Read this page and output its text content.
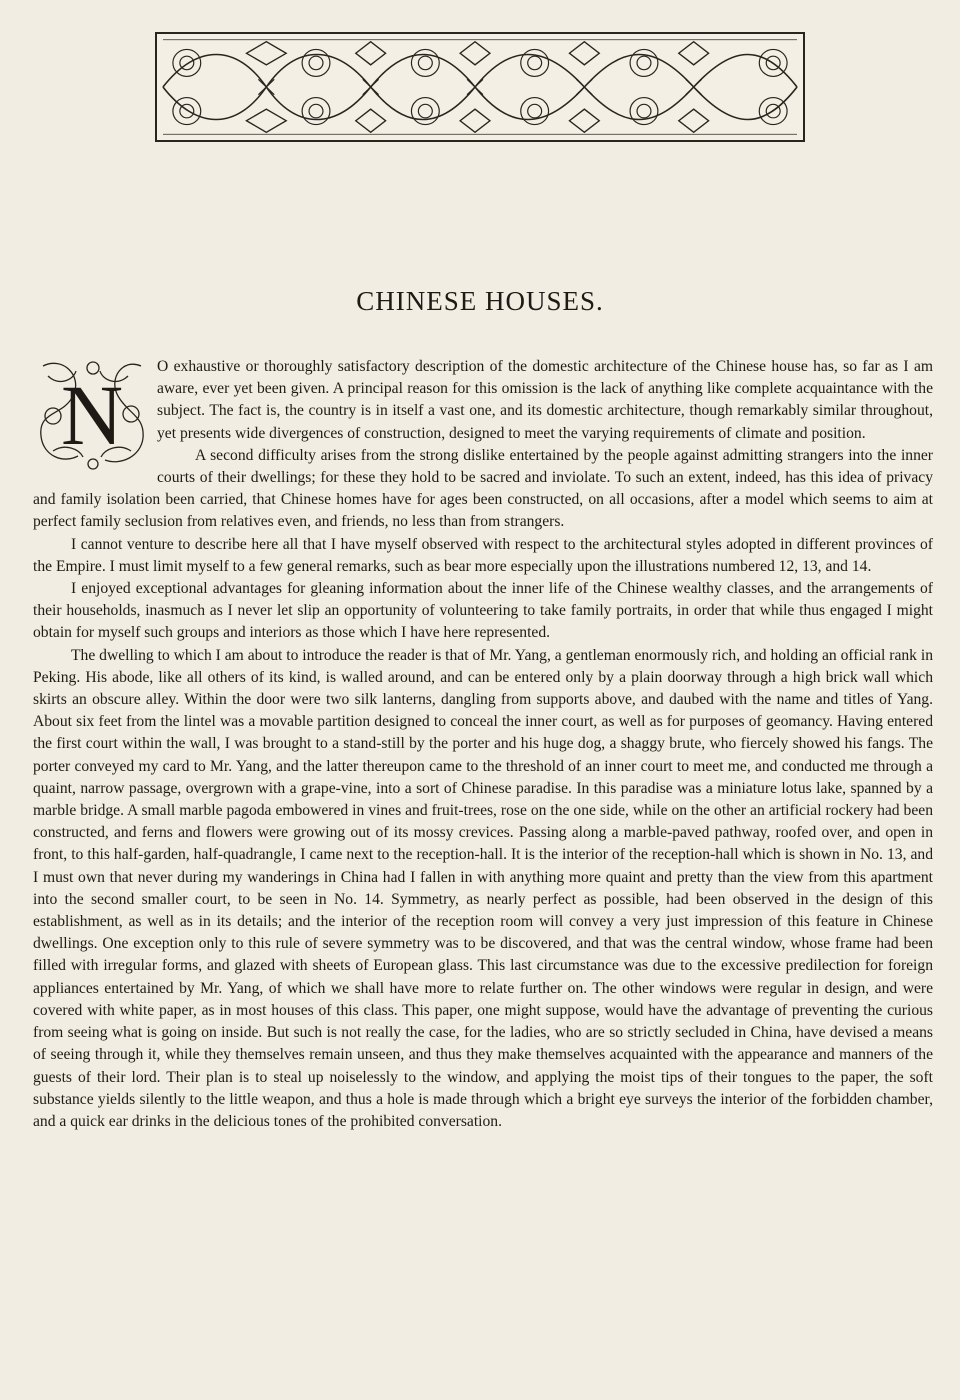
CHINESE HOUSES.

N
O exhaustive or thoroughly satisfactory description of the domestic architecture of the Chinese house has, so far as I am aware, ever yet been given. A principal reason for this omission is the lack of anything like complete acquaintance with the subject. The fact is, the country is in itself a vast one, and its domestic architecture, though remarkably similar throughout, yet presents wide divergences of construction, designed to meet the varying requirements of climate and position.

A second difficulty arises from the strong dislike entertained by the people against admitting strangers into the inner courts of their dwellings; for these they hold to be sacred and inviolate. To such an extent, indeed, has this idea of privacy and family isolation been carried, that Chinese homes have for ages been constructed, on all occasions, after a model which seems to aim at perfect family seclusion from relatives even, and friends, no less than from strangers.

I cannot venture to describe here all that I have myself observed with respect to the architectural styles adopted in different provinces of the Empire. I must limit myself to a few general remarks, such as bear more especially upon the illustrations numbered 12, 13, and 14.

I enjoyed exceptional advantages for gleaning information about the inner life of the Chinese wealthy classes, and the arrangements of their households, inasmuch as I never let slip an opportunity of volunteering to take family portraits, in order that while thus engaged I might obtain for myself such groups and interiors as those which I have here represented.

The dwelling to which I am about to introduce the reader is that of Mr. Yang, a gentleman enormously rich, and holding an official rank in Peking. His abode, like all others of its kind, is walled around, and can be entered only by a plain doorway through a high brick wall which skirts an obscure alley. Within the door were two silk lanterns, dangling from supports above, and daubed with the name and titles of Yang. About six feet from the lintel was a movable partition designed to conceal the inner court, as well as for purposes of geomancy. Having entered the first court within the wall, I was brought to a stand-still by the porter and his huge dog, a shaggy brute, who fiercely showed his fangs. The porter conveyed my card to Mr. Yang, and the latter thereupon came to the threshold of an inner court to meet me, and conducted me through a quaint, narrow passage, overgrown with a grape-vine, into a sort of Chinese paradise. In this paradise was a miniature lotus lake, spanned by a marble bridge. A small marble pagoda embowered in vines and fruit-trees, rose on the one side, while on the other an artificial rockery had been constructed, and ferns and flowers were growing out of its mossy crevices. Passing along a marble-paved pathway, roofed over, and open in front, to this half-garden, half-quadrangle, I came next to the reception-hall. It is the interior of the reception-hall which is shown in No. 13, and I must own that never during my wanderings in China had I fallen in with anything more quaint and pretty than the view from this apartment into the second smaller court, to be seen in No. 14. Symmetry, as nearly perfect as possible, had been observed in the design of this establishment, as well as in its details; and the interior of the reception room will convey a very just impression of this feature in Chinese dwellings. One exception only to this rule of severe symmetry was to be discovered, and that was the central window, whose frame had been filled with irregular forms, and glazed with sheets of European glass. This last circumstance was due to the excessive predilection for foreign appliances entertained by Mr. Yang, of which we shall have more to relate further on. The other windows were regular in design, and were covered with white paper, as in most houses of this class. This paper, one might suppose, would have the advantage of preventing the curious from seeing what is going on inside. But such is not really the case, for the ladies, who are so strictly secluded in China, have devised a means of seeing through it, while they themselves remain unseen, and thus they make themselves acquainted with the appearance and manners of the guests of their lord. Their plan is to steal up noiselessly to the window, and applying the moist tips of their tongues to the paper, the soft substance yields silently to the little weapon, and thus a hole is made through which a bright eye surveys the interior of the forbidden chamber, and a quick ear drinks in the delicious tones of the prohibited conversation.
